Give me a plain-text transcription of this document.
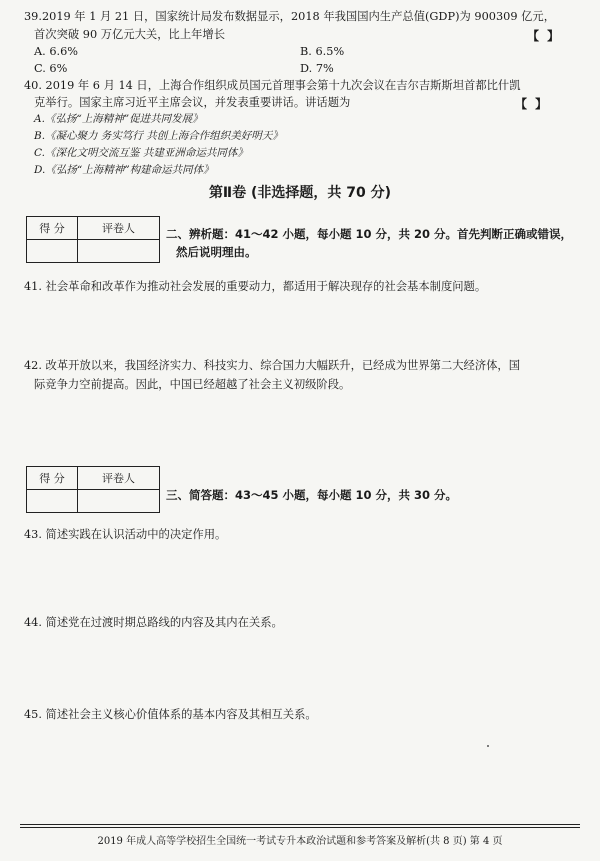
39.2019 年 1 月 21 日，国家统计局发布数据显示，2018 年我国国内生产总值(GDP)为 900309 亿元，
首次突破 90 万亿元大关，比上年增长	【 】
A. 6.6%	B. 6.5%
C. 6%	D. 7%
40. 2019 年 6 月 14 日，上海合作组织成员国元首理事会第十九次会议在吉尔吉斯斯坦首都比什凯
克举行。国家主席习近平主席会议，并发表重要讲话。讲话题为	【 】
A.《弘扬“上海精神”促进共同发展》
B.《凝心聚力 务实笃行 共创上海合作组织美好明天》
C.《深化文明交流互鉴 共建亚洲命运共同体》
D.《弘扬“上海精神”构建命运共同体》
第Ⅱ卷 (非选择题，共 70 分)
得 分	评卷人
		二、辨析题：41～42 小题，每小题 10 分，共 20 分。首先判断正确或错误，
然后说明理由。
41. 社会革命和改革作为推动社会发展的重要动力，都适用于解决现存的社会基本制度问题。
42. 改革开放以来，我国经济实力、科技实力、综合国力大幅跃升，已经成为世界第二大经济体，国
际竞争力空前提高。因此，中国已经超越了社会主义初级阶段。
得 分	评卷人

三、简答题：43～45 小题，每小题 10 分，共 30 分。
43. 简述实践在认识活动中的决定作用。
44. 简述党在过渡时期总路线的内容及其内在关系。
45. 简述社会主义核心价值体系的基本内容及其相互关系。
2019 年成人高等学校招生全国统一考试专升本政治试题和参考答案及解析(共 8 页) 第 4 页
